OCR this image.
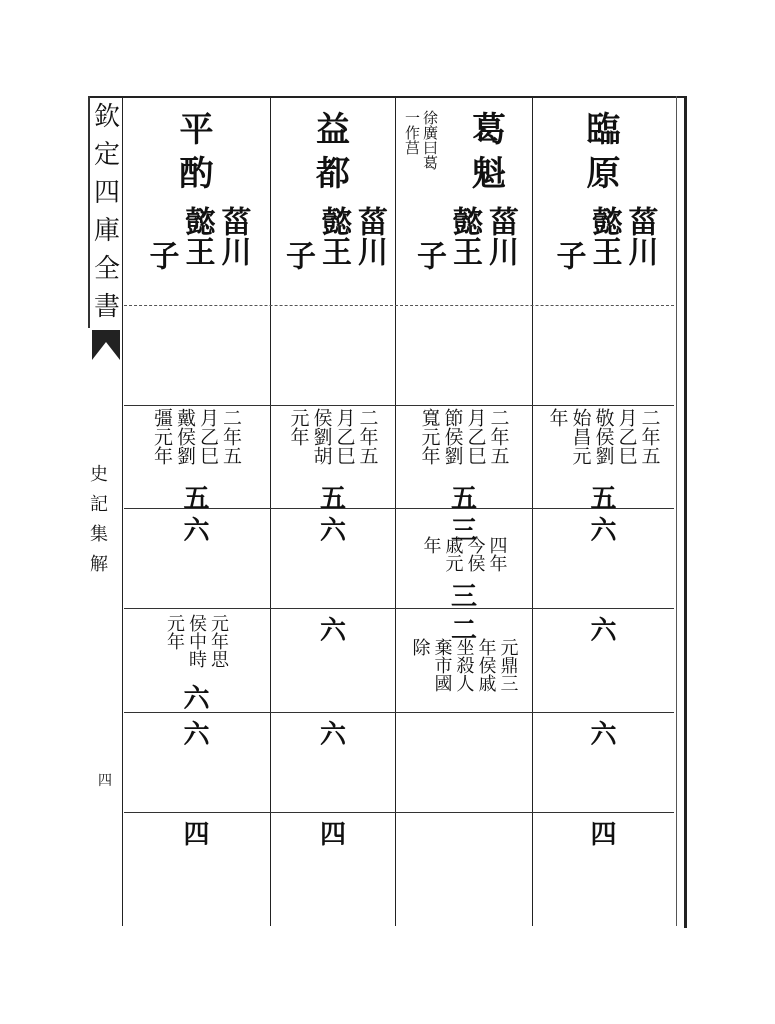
欽
定
四
庫
全
書
史
記
集
解
四
臨
原
菑川
懿王
子
二年五
月乙巳
敬侯劉
始昌元
年
五
六
六
六
四
徐廣曰葛
一作莒 葛
魁
菑川
懿王
子
二年五
月乙巳
節侯劉
寬元年
五
三
四年
今侯
戚元
年
三
二
元鼎三
年侯戚
坐殺人
棄市國
除
益
都
菑川
懿王
子
二年五
月乙巳
侯劉胡
元年
五
六
六
六
四
平
酌
菑川
懿王
子
二年五
月乙巳
戴侯劉
彊元年
五
六
元年思
侯中時
元年
六
六
四
